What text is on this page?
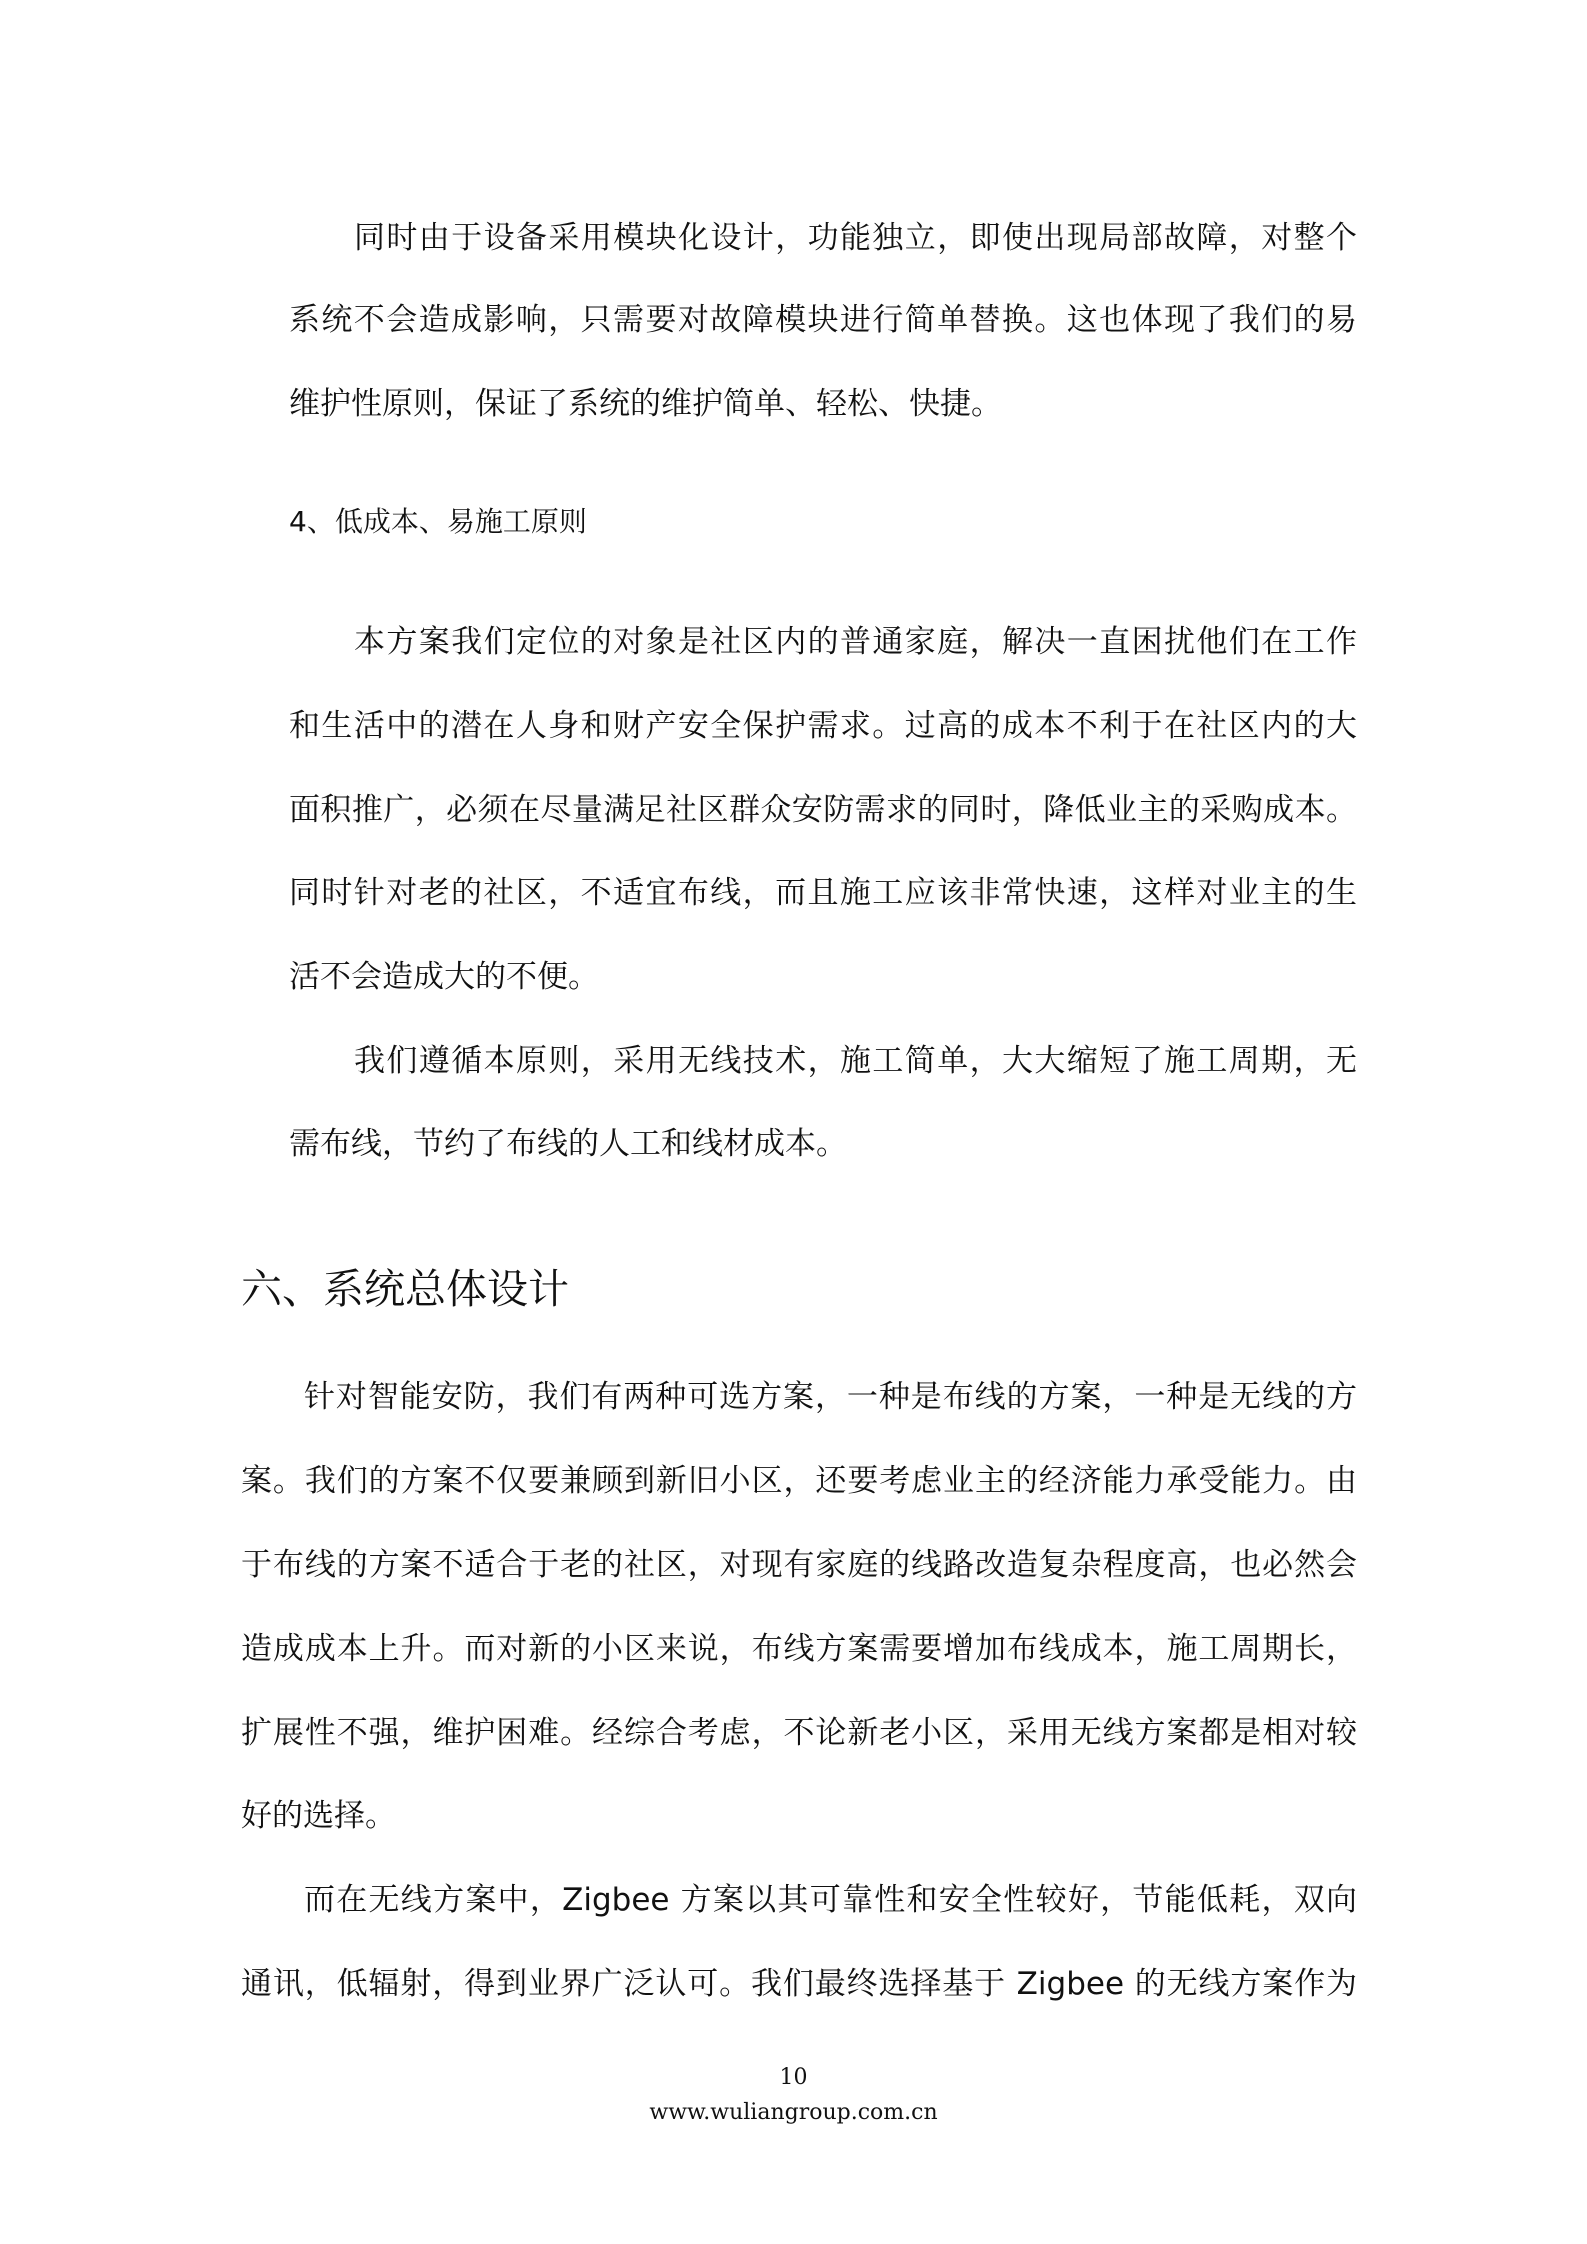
同时由于设备采用模块化设计，功能独立，即使出现局部故障，对整个
系统不会造成影响，只需要对故障模块进行简单替换。这也体现了我们的易
维护性原则，保证了系统的维护简单、轻松、快捷。
4、低成本、易施工原则
本方案我们定位的对象是社区内的普通家庭，解决一直困扰他们在工作
和生活中的潜在人身和财产安全保护需求。过高的成本不利于在社区内的大
面积推广，必须在尽量满足社区群众安防需求的同时，降低业主的采购成本。
同时针对老的社区，不适宜布线，而且施工应该非常快速，这样对业主的生
活不会造成大的不便。
我们遵循本原则，采用无线技术，施工简单，大大缩短了施工周期，无
需布线，节约了布线的人工和线材成本。
六、系统总体设计
针对智能安防，我们有两种可选方案，一种是布线的方案，一种是无线的方
案。我们的方案不仅要兼顾到新旧小区，还要考虑业主的经济能力承受能力。由
于布线的方案不适合于老的社区，对现有家庭的线路改造复杂程度高，也必然会
造成成本上升。而对新的小区来说，布线方案需要增加布线成本，施工周期长，
扩展性不强，维护困难。经综合考虑，不论新老小区，采用无线方案都是相对较
好的选择。
而在无线方案中，Zigbee 方案以其可靠性和安全性较好，节能低耗，双向
通讯，低辐射，得到业界广泛认可。我们最终选择基于 Zigbee 的无线方案作为
10
www.wuliangroup.com.cn
